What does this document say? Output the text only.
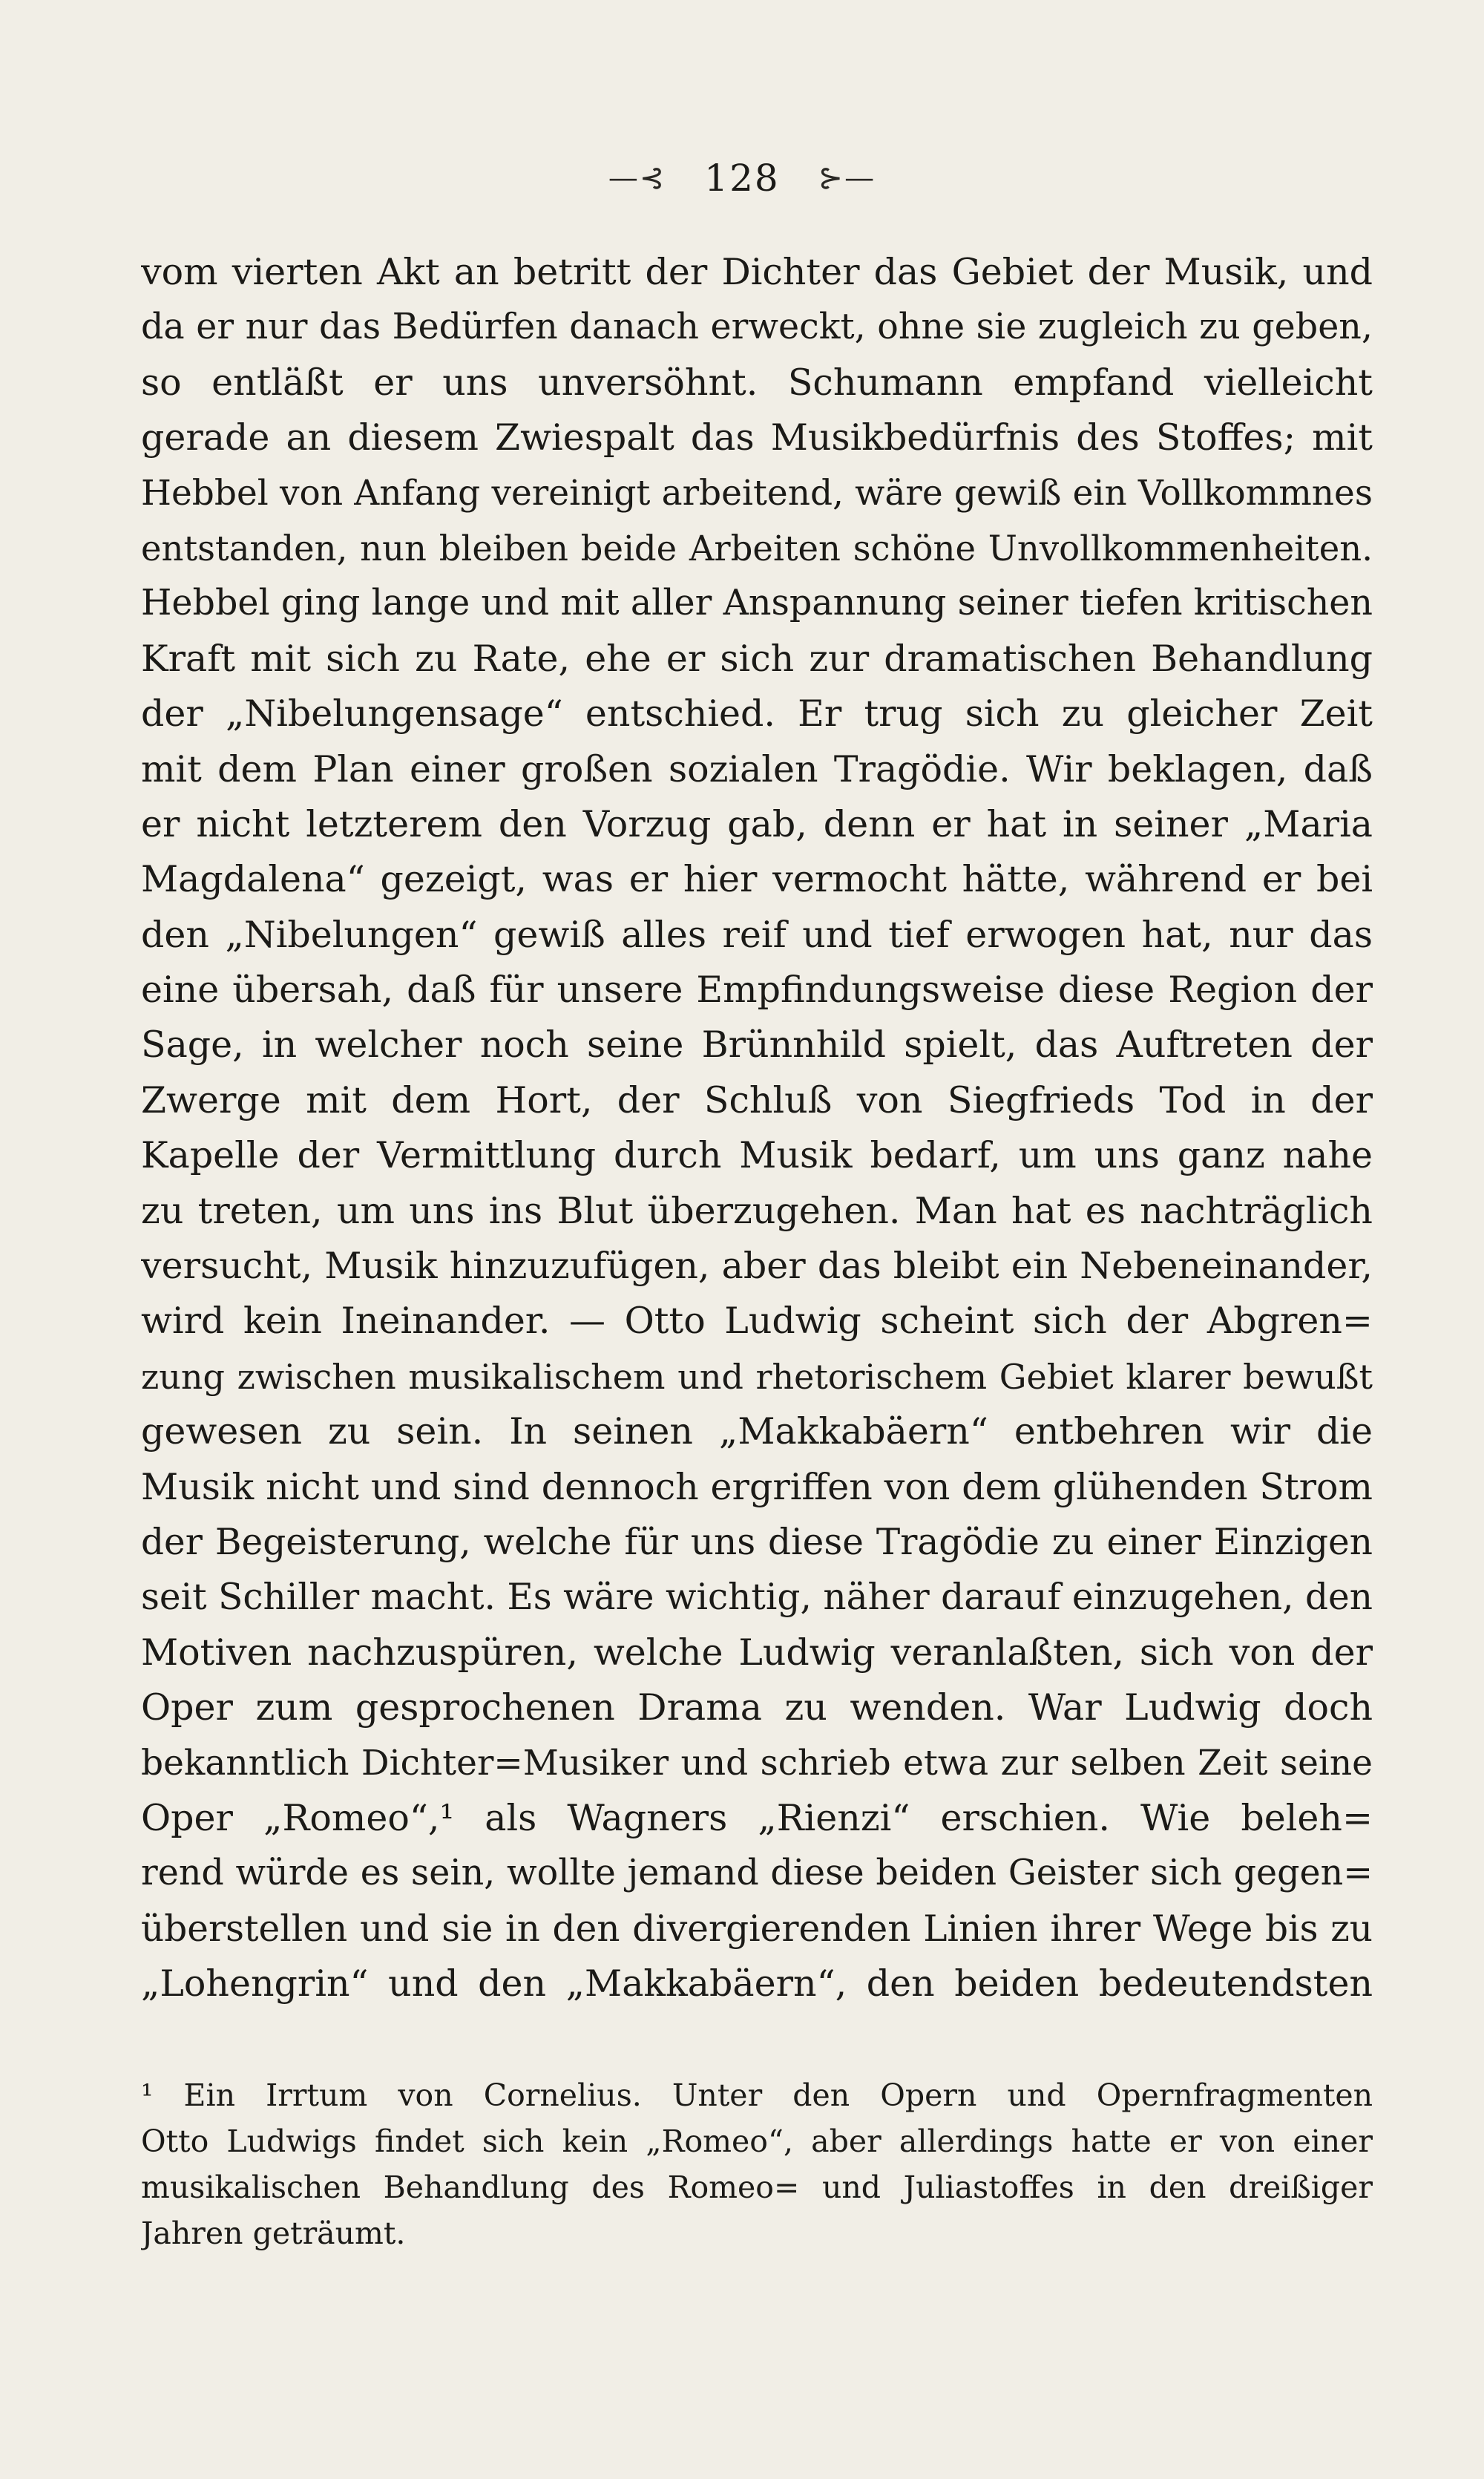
—⊰ 128 ⊱—
vom vierten Akt an betritt der Dichter das Gebiet der Musik, und
da er nur das Bedürfen danach erweckt, ohne sie zugleich zu geben,
so entläßt er uns unversöhnt. Schumann empfand vielleicht
gerade an diesem Zwiespalt das Musikbedürfnis des Stoffes; mit
Hebbel von Anfang vereinigt arbeitend, wäre gewiß ein Vollkommnes
entstanden, nun bleiben beide Arbeiten schöne Unvollkommenheiten.
Hebbel ging lange und mit aller Anspannung seiner tiefen kritischen
Kraft mit sich zu Rate, ehe er sich zur dramatischen Behandlung
der „Nibelungensage“ entschied. Er trug sich zu gleicher Zeit
mit dem Plan einer großen sozialen Tragödie. Wir beklagen, daß
er nicht letzterem den Vorzug gab, denn er hat in seiner „Maria
Magdalena“ gezeigt, was er hier vermocht hätte, während er bei
den „Nibelungen“ gewiß alles reif und tief erwogen hat, nur das
eine übersah, daß für unsere Empfindungsweise diese Region der
Sage, in welcher noch seine Brünnhild spielt, das Auftreten der
Zwerge mit dem Hort, der Schluß von Siegfrieds Tod in der
Kapelle der Vermittlung durch Musik bedarf, um uns ganz nahe
zu treten, um uns ins Blut überzugehen. Man hat es nachträglich
versucht, Musik hinzuzufügen, aber das bleibt ein Nebeneinander,
wird kein Ineinander. — Otto Ludwig scheint sich der Abgren=
zung zwischen musikalischem und rhetorischem Gebiet klarer bewußt
gewesen zu sein. In seinen „Makkabäern“ entbehren wir die
Musik nicht und sind dennoch ergriffen von dem glühenden Strom
der Begeisterung, welche für uns diese Tragödie zu einer Einzigen
seit Schiller macht. Es wäre wichtig, näher darauf einzugehen, den
Motiven nachzuspüren, welche Ludwig veranlaßten, sich von der
Oper zum gesprochenen Drama zu wenden. War Ludwig doch
bekanntlich Dichter=Musiker und schrieb etwa zur selben Zeit seine
Oper „Romeo“,¹ als Wagners „Rienzi“ erschien. Wie beleh=
rend würde es sein, wollte jemand diese beiden Geister sich gegen=
überstellen und sie in den divergierenden Linien ihrer Wege bis zu
„Lohengrin“ und den „Makkabäern“, den beiden bedeutendsten
¹ Ein Irrtum von Cornelius. Unter den Opern und Opernfragmenten
Otto Ludwigs findet sich kein „Romeo“, aber allerdings hatte er von einer
musikalischen Behandlung des Romeo= und Juliastoffes in den dreißiger
Jahren geträumt.
